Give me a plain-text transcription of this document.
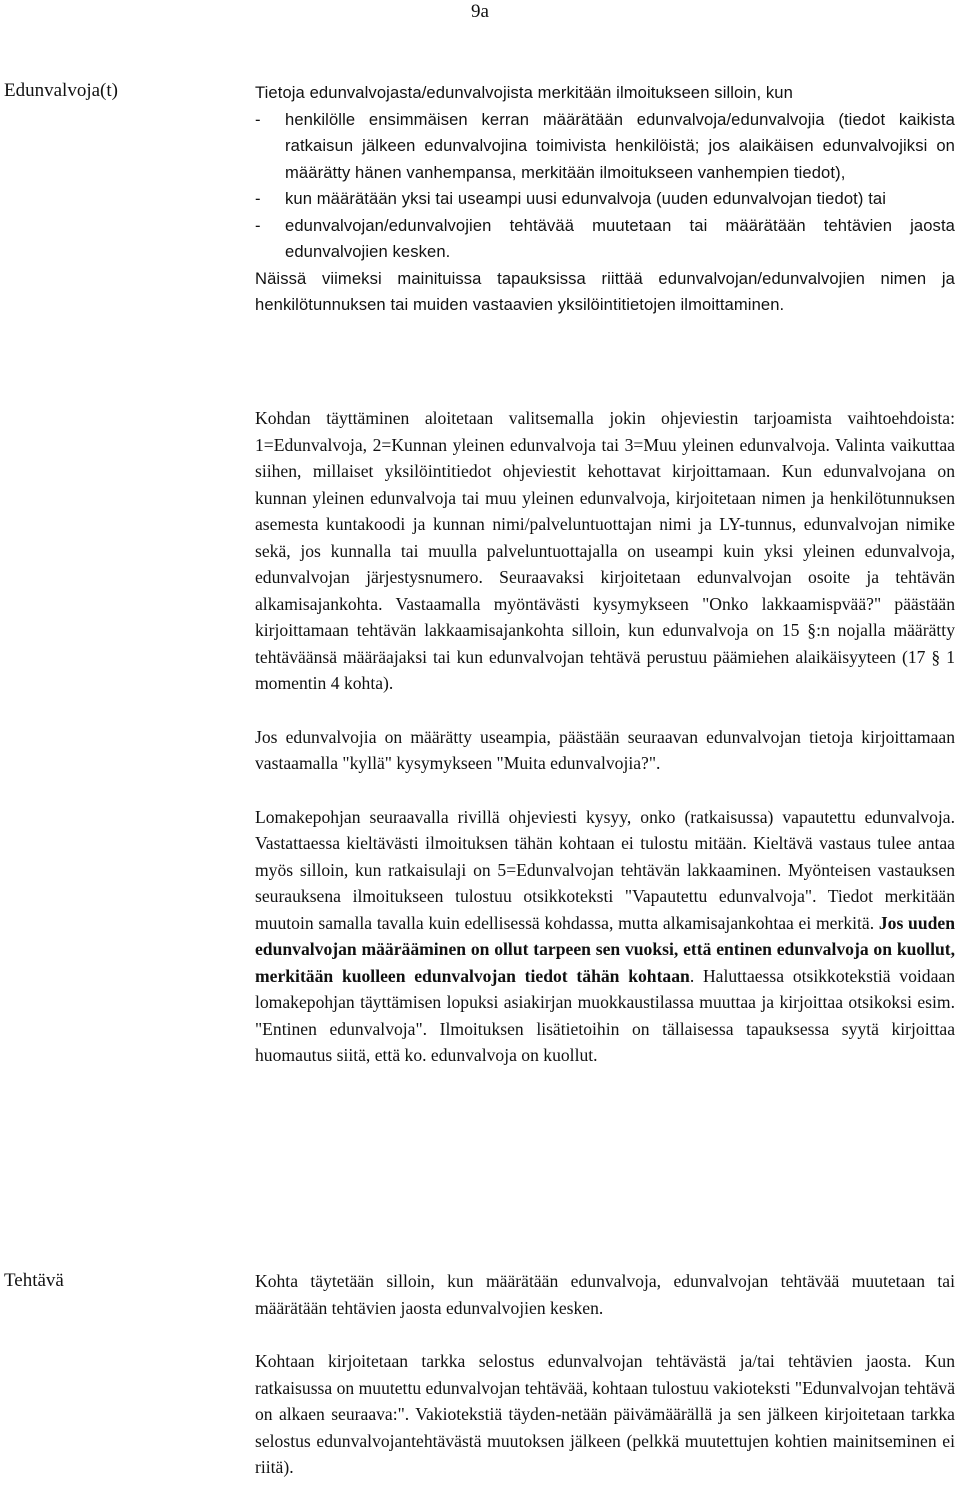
9a
Edunvalvoja(t)	Tietoja edunvalvojasta/edunvalvojista merkitään ilmoitukseen silloin, kun

- henkilölle ensimmäisen kerran määrätään edunvalvoja/edunvalvojia (tiedot kaikista ratkaisun jälkeen edunvalvojina toimivista henkilöistä; jos alaikäisen edunvalvojiksi on määrätty hänen vanhempansa, merkitään ilmoitukseen vanhempien tiedot),
- kun määrätään yksi tai useampi uusi edunvalvoja (uuden edunvalvojan tiedot) tai
- edunvalvojan/edunvalvojien tehtävää muutetaan tai määrätään tehtävien jaosta edunvalvojien kesken.

Näissä viimeksi mainituissa tapauksissa riittää edunvalvojan/edunvalvojien nimen ja henkilötunnuksen tai muiden vastaavien yksilöintitietojen ilmoittaminen.

Kohdan täyttäminen aloitetaan valitsemalla jokin ohjeviestin tarjoamista vaihtoehdoista: 1=Edunvalvoja, 2=Kunnan yleinen edunvalvoja tai 3=Muu yleinen edunvalvoja. Valinta vaikuttaa siihen, millaiset yksilöintitiedot ohjeviestit kehottavat kirjoittamaan. Kun edunvalvojana on kunnan yleinen edunvalvoja tai muu yleinen edunvalvoja, kirjoitetaan nimen ja henkilötunnuksen asemesta kuntakoodi ja kunnan nimi/palveluntuottajan nimi ja LY-tunnus, edunvalvojan nimike sekä, jos kunnalla tai muulla palveluntuottajalla on useampi kuin yksi yleinen edunvalvoja, edunvalvojan järjestysnumero. Seuraavaksi kirjoitetaan edunvalvojan osoite ja tehtävän alkamisajankohta. Vastaamalla myöntävästi kysymykseen "Onko lakkaamispvää?" päästään kirjoittamaan tehtävän lakkaamisajankohta silloin, kun edunvalvoja on 15 §:n nojalla määrätty tehtäväänsä määräajaksi tai kun edunvalvojan tehtävä perustuu päämiehen alaikäisyyteen (17 § 1 momentin 4 kohta).

Jos edunvalvojia on määrätty useampia, päästään seuraavan edunvalvojan tietoja kirjoittamaan vastaamalla "kyllä" kysymykseen "Muita edunvalvojia?".

Lomakepohjan seuraavalla rivillä ohjeviesti kysyy, onko (ratkaisussa) vapautettu edunvalvoja. Vastattaessa kieltävästi ilmoituksen tähän kohtaan ei tulostu mitään. Kieltävä vastaus tulee antaa myös silloin, kun ratkaisulaji on 5=Edunvalvojan tehtävän lakkaaminen. Myönteisen vastauksen seurauksena ilmoitukseen tulostuu otsikkoteksti "Vapautettu edunvalvoja". Tiedot merkitään muutoin samalla tavalla kuin edellisessä kohdassa, mutta alkamisajankohtaa ei merkitä. Jos uuden edunvalvojan määrääminen on ollut tarpeen sen vuoksi, että entinen edunvalvoja on kuollut, merkitään kuolleen edunvalvojan tiedot tähän kohtaan. Haluttaessa otsikkotekstiä voidaan lomakepohjan täyttämisen lopuksi asiakirjan muokkaustilassa muuttaa ja kirjoittaa otsikoksi esim. "Entinen edunvalvoja". Ilmoituksen lisätietoihin on tällaisessa tapauksessa syytä kirjoittaa huomautus siitä, että ko. edunvalvoja on kuollut.

Tehtävä	Kohta täytetään silloin, kun määrätään edunvalvoja, edunvalvojan tehtävää muutetaan tai määrätään tehtävien jaosta edunvalvojien kesken.

Kohtaan kirjoitetaan tarkka selostus edunvalvojan tehtävästä ja/tai tehtävien jaosta. Kun ratkaisussa on muutettu edunvalvojan tehtävää, kohtaan tulostuu vakioteksti "Edunvalvojan tehtävä on alkaen seuraava:". Vakiotekstiä täyden-netään päivämäärällä ja sen jälkeen kirjoitetaan tarkka selostus edunvalvojantehtävästä muutoksen jälkeen (pelkkä muutettujen kohtien mainitseminen ei riitä).
